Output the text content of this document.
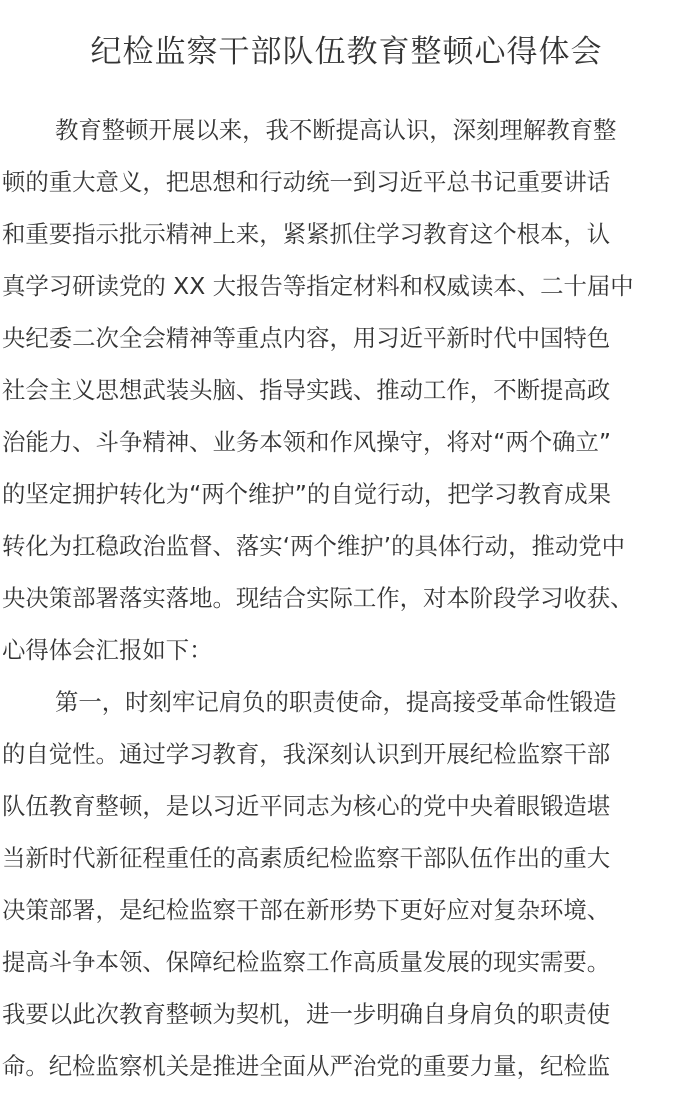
纪检监察干部队伍教育整顿心得体会
教育整顿开展以来，我不断提高认识，深刻理解教育整
顿的重大意义，把思想和行动统一到习近平总书记重要讲话
和重要指示批示精神上来，紧紧抓住学习教育这个根本，认
真学习研读党的 XX 大报告等指定材料和权威读本、二十届中
央纪委二次全会精神等重点内容，用习近平新时代中国特色
社会主义思想武装头脑、指导实践、推动工作，不断提高政
治能力、斗争精神、业务本领和作风操守，将对“两个确立”
的坚定拥护转化为“两个维护”的自觉行动，把学习教育成果
转化为扛稳政治监督、落实‘两个维护’的具体行动，推动党中
央决策部署落实落地。现结合实际工作，对本阶段学习收获、
心得体会汇报如下：
第一，时刻牢记肩负的职责使命，提高接受革命性锻造
的自觉性。通过学习教育，我深刻认识到开展纪检监察干部
队伍教育整顿，是以习近平同志为核心的党中央着眼锻造堪
当新时代新征程重任的高素质纪检监察干部队伍作出的重大
决策部署，是纪检监察干部在新形势下更好应对复杂环境、
提高斗争本领、保障纪检监察工作高质量发展的现实需要。
我要以此次教育整顿为契机，进一步明确自身肩负的职责使
命。纪检监察机关是推进全面从严治党的重要力量，纪检监
